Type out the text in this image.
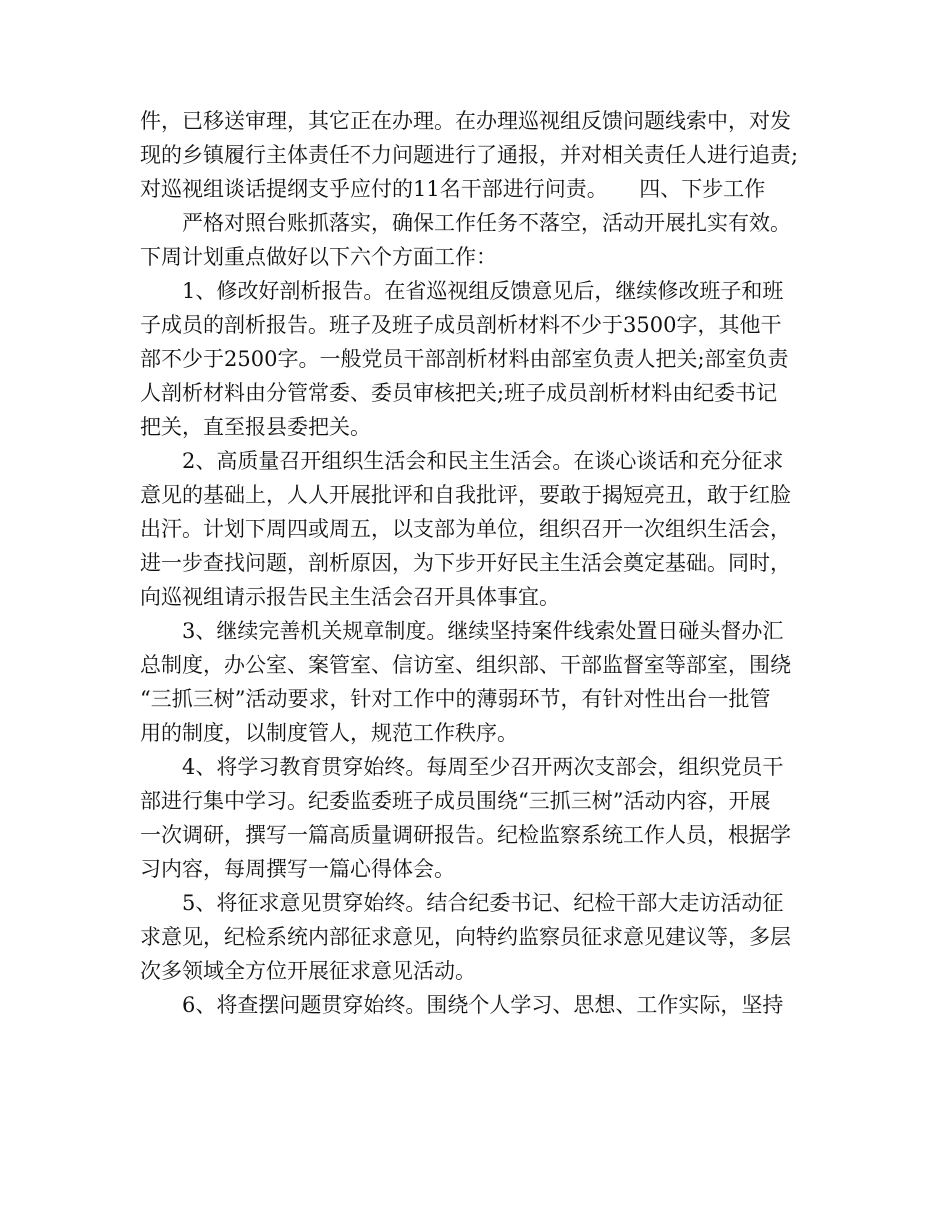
件，已移送审理，其它正在办理。在办理巡视组反馈问题线索中，对发
现的乡镇履行主体责任不力问题进行了通报，并对相关责任人进行追责;
对巡视组谈话提纲支乎应付的11名干部进行问责。　　四、下步工作
严格对照台账抓落实，确保工作任务不落空，活动开展扎实有效。
下周计划重点做好以下六个方面工作：
1、修改好剖析报告。在省巡视组反馈意见后，继续修改班子和班
子成员的剖析报告。班子及班子成员剖析材料不少于3500字，其他干
部不少于2500字。一般党员干部剖析材料由部室负责人把关;部室负责
人剖析材料由分管常委、委员审核把关;班子成员剖析材料由纪委书记
把关，直至报县委把关。
2、高质量召开组织生活会和民主生活会。在谈心谈话和充分征求
意见的基础上，人人开展批评和自我批评，要敢于揭短亮丑，敢于红脸
出汗。计划下周四或周五，以支部为单位，组织召开一次组织生活会，
进一步查找问题，剖析原因，为下步开好民主生活会奠定基础。同时，
向巡视组请示报告民主生活会召开具体事宜。
3、继续完善机关规章制度。继续坚持案件线索处置日碰头督办汇
总制度，办公室、案管室、信访室、组织部、干部监督室等部室，围绕
“三抓三树”活动要求，针对工作中的薄弱环节，有针对性出台一批管
用的制度，以制度管人，规范工作秩序。
4、将学习教育贯穿始终。每周至少召开两次支部会，组织党员干
部进行集中学习。纪委监委班子成员围绕“三抓三树”活动内容，开展
一次调研，撰写一篇高质量调研报告。纪检监察系统工作人员，根据学
习内容，每周撰写一篇心得体会。
5、将征求意见贯穿始终。结合纪委书记、纪检干部大走访活动征
求意见，纪检系统内部征求意见，向特约监察员征求意见建议等，多层
次多领域全方位开展征求意见活动。
6、将查摆问题贯穿始终。围绕个人学习、思想、工作实际，坚持
